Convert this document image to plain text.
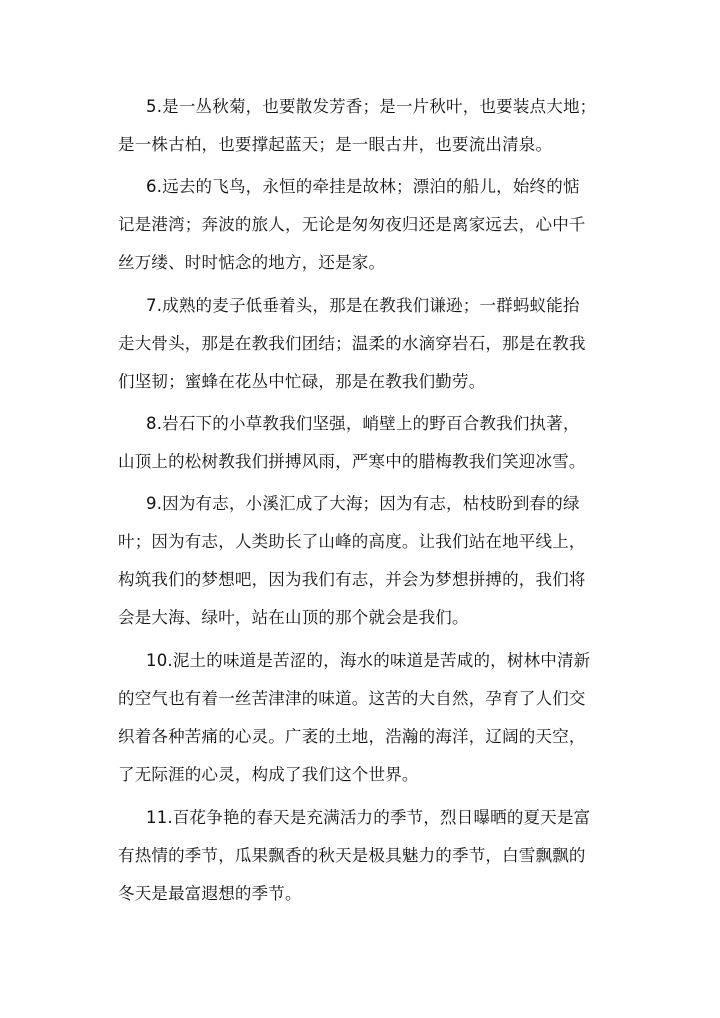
5.是一丛秋菊，也要散发芳香；是一片秋叶，也要装点大地；

是一株古柏，也要撑起蓝天；是一眼古井，也要流出清泉。

6.远去的飞鸟，永恒的牵挂是故林；漂泊的船儿，始终的惦

记是港湾；奔波的旅人，无论是匆匆夜归还是离家远去，心中千

丝万缕、时时惦念的地方，还是家。

7.成熟的麦子低垂着头，那是在教我们谦逊；一群蚂蚁能抬

走大骨头，那是在教我们团结；温柔的水滴穿岩石，那是在教我

们坚韧；蜜蜂在花丛中忙碌，那是在教我们勤劳。

8.岩石下的小草教我们坚强，峭壁上的野百合教我们执著，

山顶上的松树教我们拼搏风雨，严寒中的腊梅教我们笑迎冰雪。

9.因为有志，小溪汇成了大海；因为有志，枯枝盼到春的绿

叶；因为有志，人类助长了山峰的高度。让我们站在地平线上，

构筑我们的梦想吧，因为我们有志，并会为梦想拼搏的，我们将

会是大海、绿叶，站在山顶的那个就会是我们。

10.泥土的味道是苦涩的，海水的味道是苦咸的，树林中清新

的空气也有着一丝苦津津的味道。这苦的大自然，孕育了人们交

织着各种苦痛的心灵。广袤的土地，浩瀚的海洋，辽阔的天空，

了无际涯的心灵，构成了我们这个世界。

11.百花争艳的春天是充满活力的季节，烈日曝晒的夏天是富

有热情的季节，瓜果飘香的秋天是极具魅力的季节，白雪飘飘的

冬天是最富遐想的季节。
